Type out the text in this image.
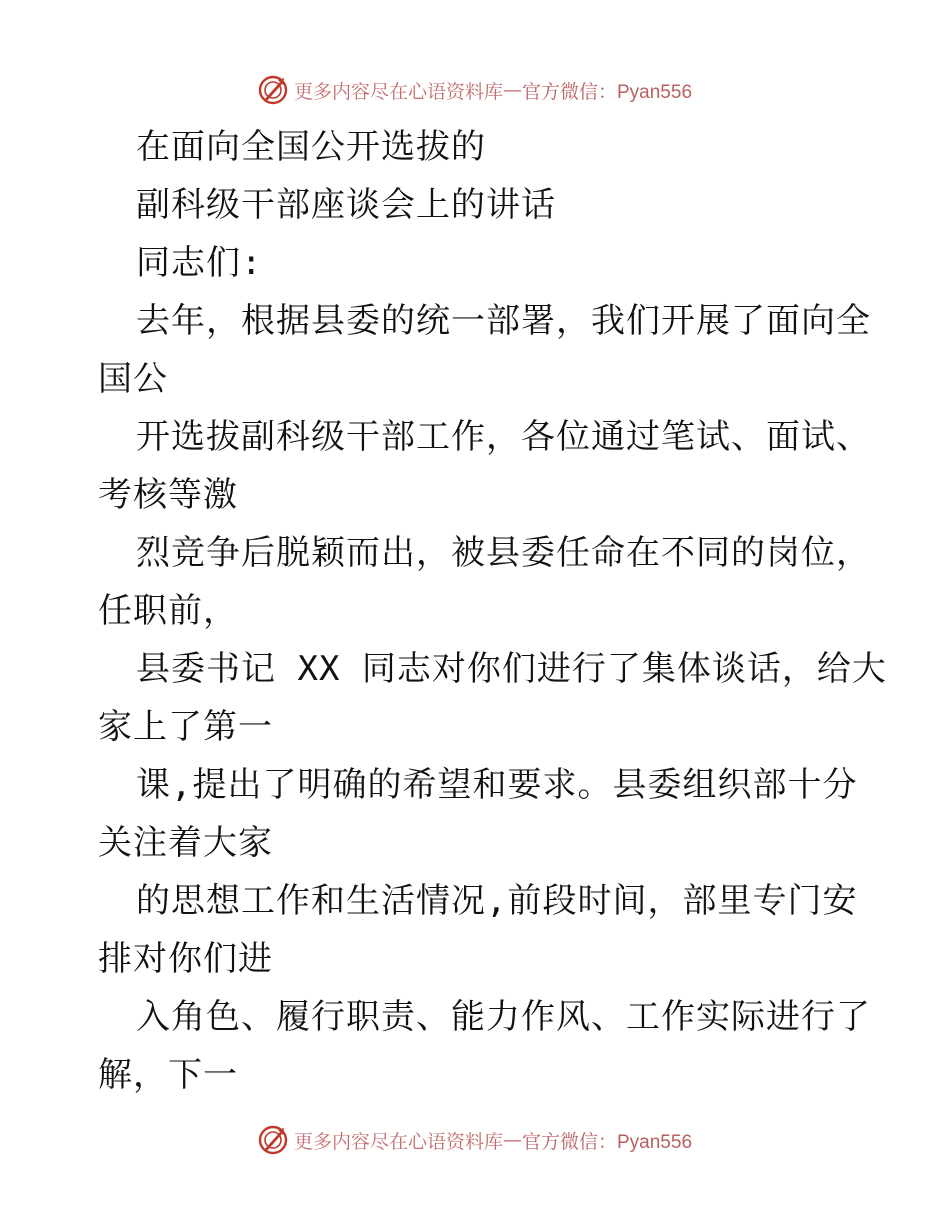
更多内容尽在心语资料库 — 官方微信：Pyan556
在面向全国公开选拔的
副科级干部座谈会上的讲话
同志们:
去年，根据县委的统一部署，我们开展了面向全
国公
开选拔副科级干部工作，各位通过笔试、面试、
考核等激
烈竞争后脱颖而出，被县委任命在不同的岗位，
任职前，
县委书记 XX 同志对你们进行了集体谈话，给大
家上了第一
课,提出了明确的希望和要求。县委组织部十分
关注着大家
的思想工作和生活情况,前段时间，部里专门安
排对你们进
入角色、履行职责、能力作风、工作实际进行了
解，下一
更多内容尽在心语资料库 — 官方微信：Pyan556
